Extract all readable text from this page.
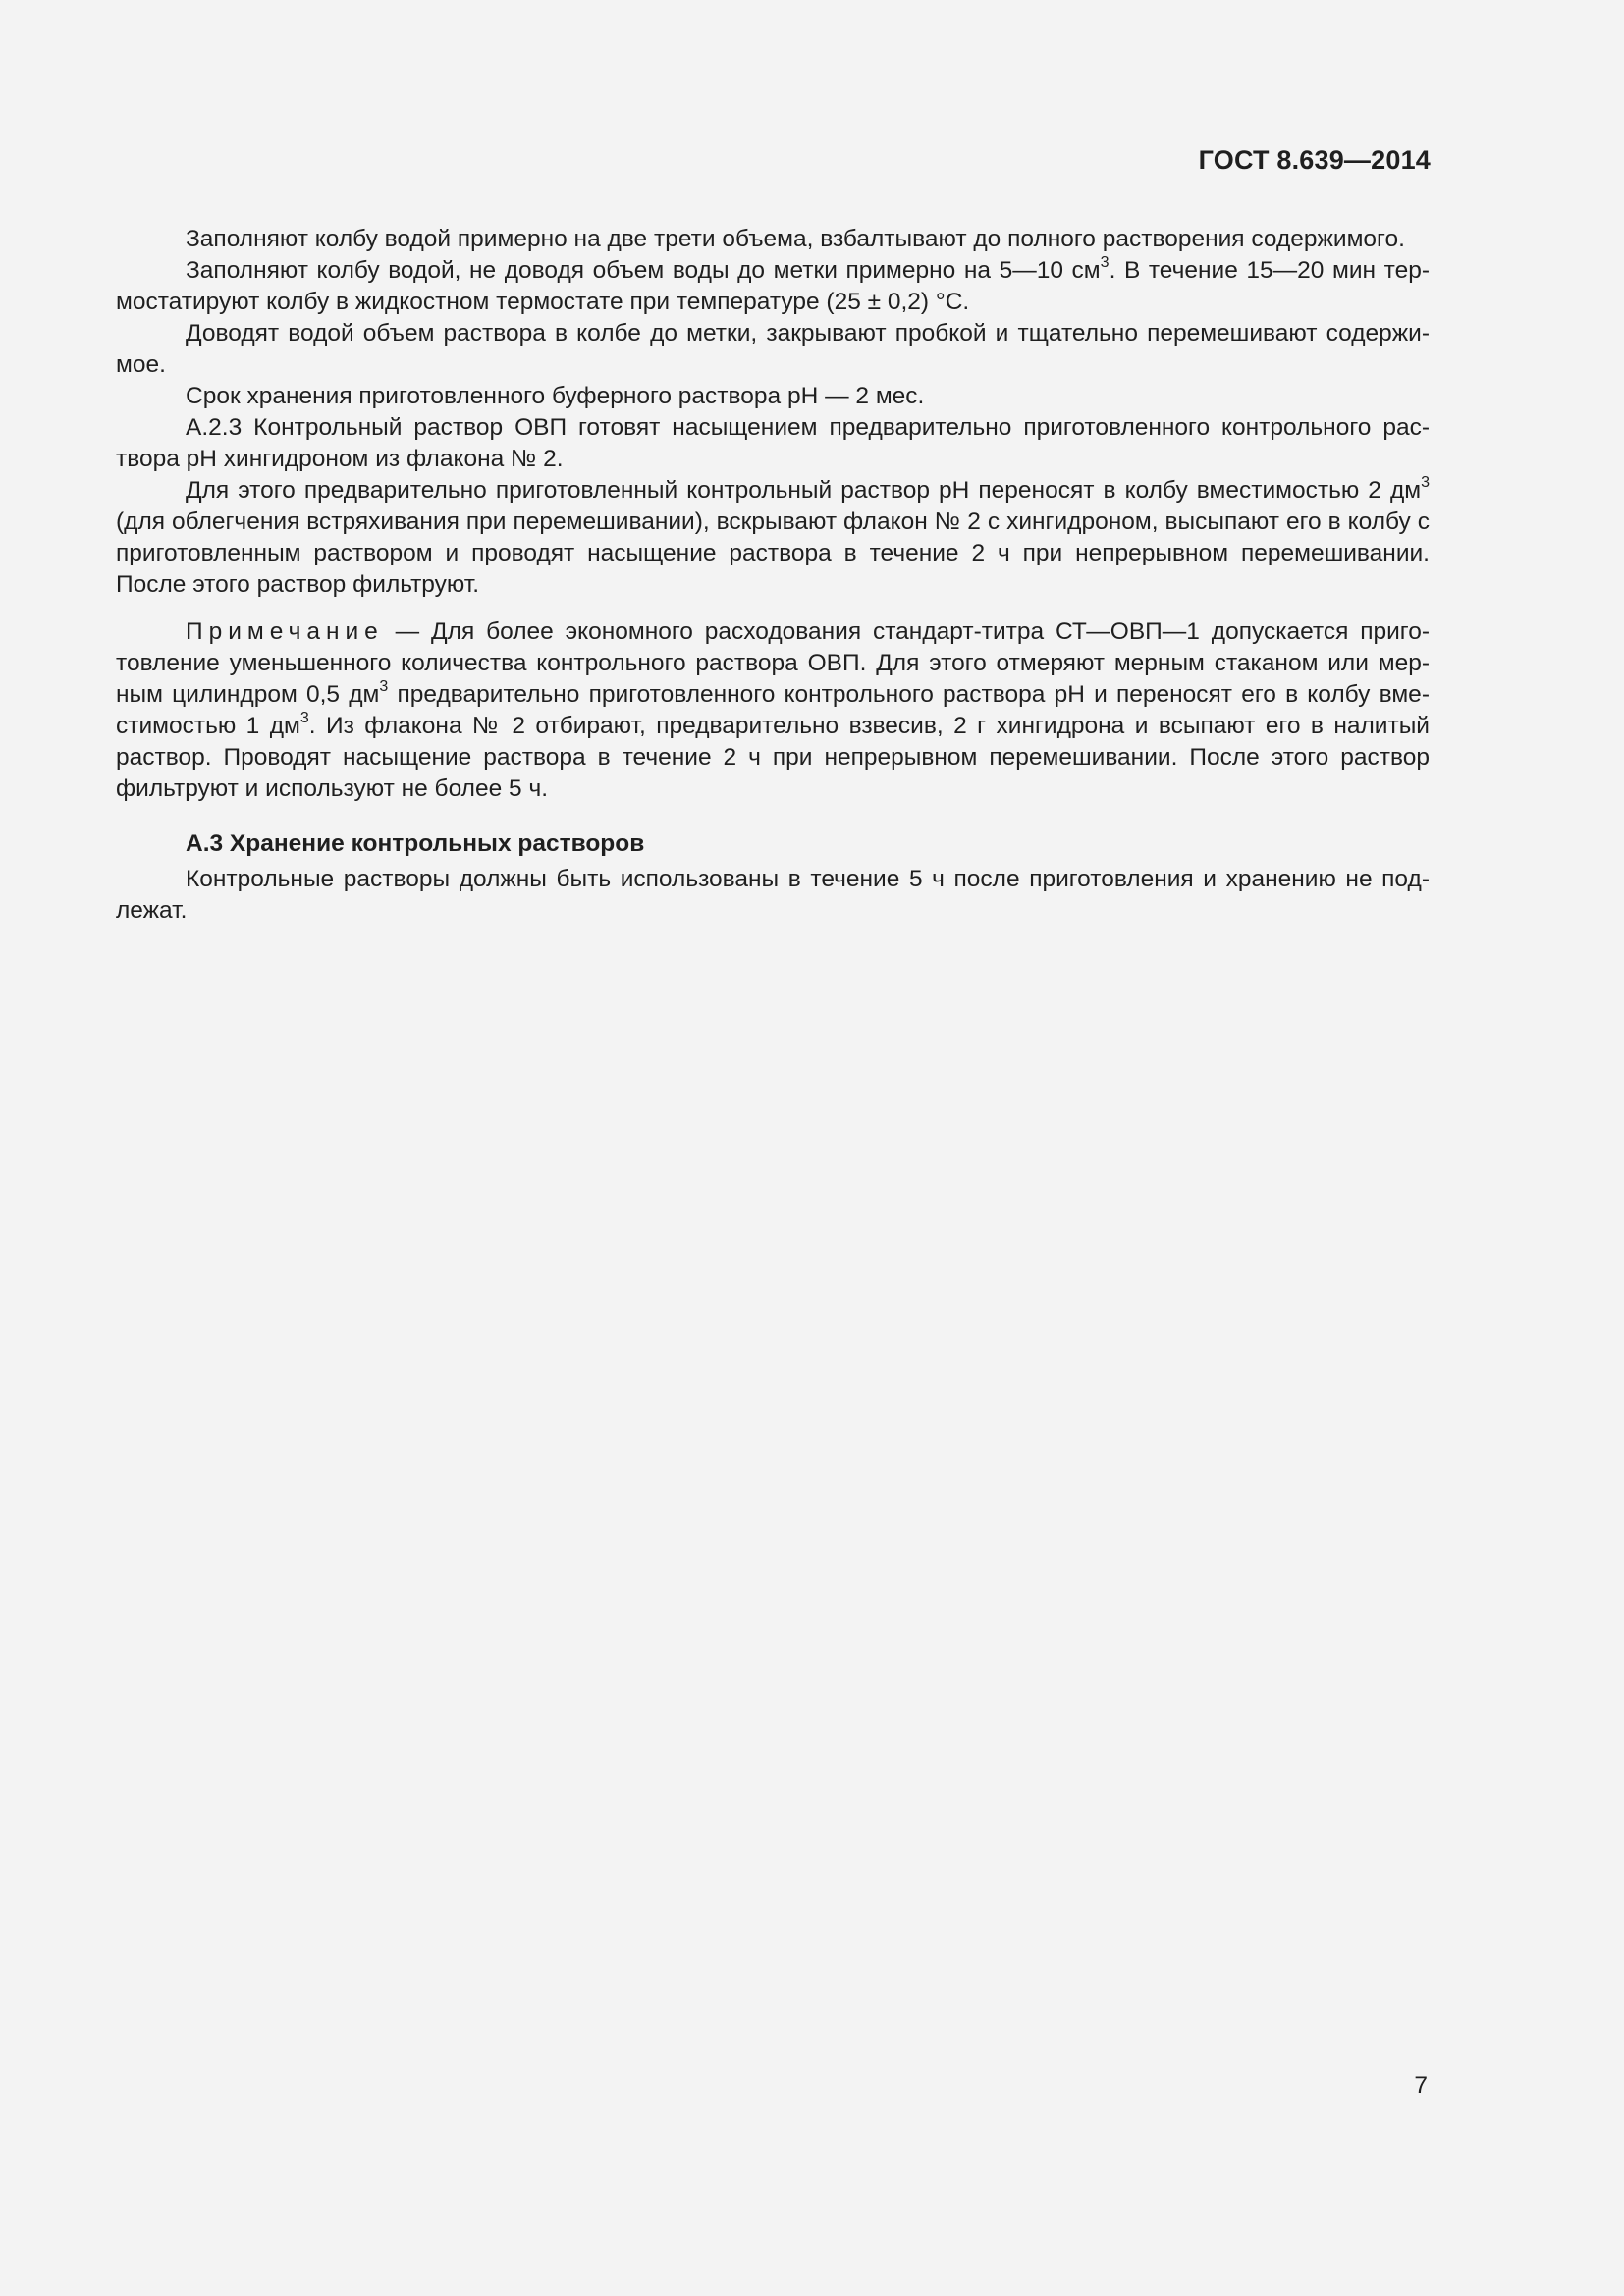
ГОСТ 8.639—2014

Заполняют колбу водой примерно на две трети объема, взбалтывают до полного растворения содержимого.

Заполняют колбу водой, не доводя объем воды до метки примерно на 5—10 $см^3$. В течение 15—20 мин термостатируют колбу в жидкостном термостате при температуре (25 ± 0,2) °С.

Доводят водой объем раствора в колбе до метки, закрывают пробкой и тщательно перемешивают содержимое.

Срок хранения приготовленного буферного раствора рН — 2 мес.

А.2.3 Контрольный раствор ОВП готовят насыщением предварительно приготовленного контрольного раствора рН хингидроном из флакона № 2.

Для этого предварительно приготовленный контрольный раствор рН переносят в колбу вместимостью 2 $дм^3$ (для облегчения встряхивания при перемешивании), вскрывают флакон № 2 с хингидроном, высыпают его в колбу с приготовленным раствором и проводят насыщение раствора в течение 2 ч при непрерывном перемешивании. После этого раствор фильтруют.

Примечание — Для более экономного расходования стандарт-титра СТ—ОВП—1 допускается приготовление уменьшенного количества контрольного раствора ОВП. Для этого отмеряют мерным стаканом или мерным цилиндром 0,5 $дм^3$ предварительно приготовленного контрольного раствора рН и переносят его в колбу вместимостью 1 $дм^3$. Из флакона № 2 отбирают, предварительно взвесив, 2 г хингидрона и всыпают его в налитый раствор. Проводят насыщение раствора в течение 2 ч при непрерывном перемешивании. После этого раствор фильтруют и используют не более 5 ч.

А.3 Хранение контрольных растворов

Контрольные растворы должны быть использованы в течение 5 ч после приготовления и хранению не подлежат.

7
